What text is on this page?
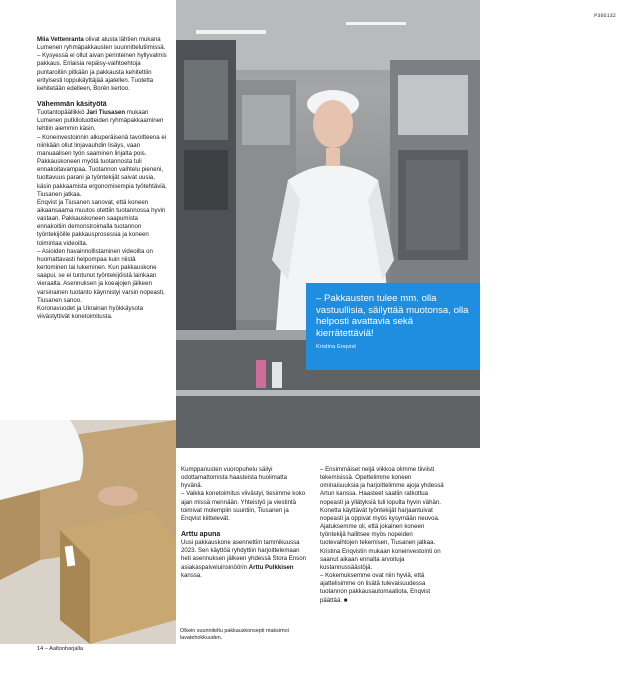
Miia Vettenranta olivat alusta lähtien mukana Lumenen ryhmäpakkausten suunnittelutiimissä.

– Kysyessä ei ollut aivan perinteinen hyllyvalmis pakkaus. Erilaisia repäisy-vaihtoehtoja puntaroitiin pitkään ja pakkausta kehitettiin erityisesti loppukäyttäjää ajatellen. Tuotetta kehitetään edelleen, Borén kertoo.

Vähemmän käsityötä

Tuotantopäällikkö Jari Tiusasen mukaan Lumenen putkilotuotteiden ryhmäpakkaaminen tehtiin aiemmin käsin.

– Koneinvestoinnin alkuperäisenä tavoitteena ei niinkään ollut linjavauhdin lisäys, vaan manuaalisen työn saaminen linjalta pois. Pakkauskoneen myötä tuotannosta tuli ennakoitavampaa. Tuotannon vaihtelu pieneni, tuottavuus parani ja työntekijät saivat uusia, käsin pakkaamista ergonomisempia työtehtäviä, Tiusanen jatkaa.

Enqvist ja Tiusanen sanovat, että koneen aikaansaama muutos otettiin tuotannossa hyvin vastaan. Pakkauskoneen saapumista ennakoitiin demonstroimalla tuotannon työntekijöille pakkausprosessia ja koneen toimintaa videoilta.

– Asioiden havainnollistaminen videoilta on huomattavasti helpompaa kuin niistä kertominen tai lukeminen. Kun pakkauskone saapui, se ei tuntunut työntekijöistä lainkaan vieraalta. Asennuksen ja koeajojen jälkeen varsinainen tuotanto käynnistyi varsin nopeasti, Tiusanen sanoo.

Koronavuodet ja Ukrainan hyökkäysota viivästyttivät konetoimitusta.

P366132
Kuva: Lumene
– Pakkausten tulee mm. olla vastuullisia, säilyttää muotonsa, olla helposti avattavia sekä kierrätettäviä!
Kristina Enqvist

Kumppanusten vuoropuhelu säilyi odottamattomista haasteista huolimatta hyvänä.

– Vaikka konetoimitus viivästyi, tiesimme koko ajan missä mennään. Yhteistyö ja viestintä toimivat molempiin suuntiin, Tiusanen ja Enqvist kiittelevät.

Arttu apuna

Uusi pakkauskone asennettiin tammikuussa 2023. Sen käyttöä ryhdyttiin harjoittelemaan heti asennuksen jälkeen yhdessä Stora Enson asiakaspalveluinsinöörin Arttu Pulkkisen kanssa.

– Ensimmäiset neljä viikkoa olimme tiiviisti tekemisissä. Opettelimme koneen ominaisuuksia ja harjoittelimme ajoja yhdessä Artun kanssa. Haasteet saatiin ratkottua nopeasti ja yllätyksiä tuli lopulta hyvin vähän. Konetta käyttävät työntekijät harjaantuivat nopeasti ja oppivat myös kysymään neuvoa. Ajatuksemme oli, että jokainen koneen työntekijä hallitsee myös nopeiden tuotevaihtojen tekemisen, Tiusanen jatkaa.

Kristina Enqvistin mukaan koneinvestointi on saanut aikaan ennalta arvoituja kustannussäästöjä.

– Kokemuksemme ovat niin hyviä, että ajattelisimme on lisätä tulevaisuudessa tuotannon pakkausautomaatiota, Enqvist päättää. ■

Olkein suunniteltu pakkauskonsepti maksimoi lavatehokkuuden.
14 – Aaltonharjalla
